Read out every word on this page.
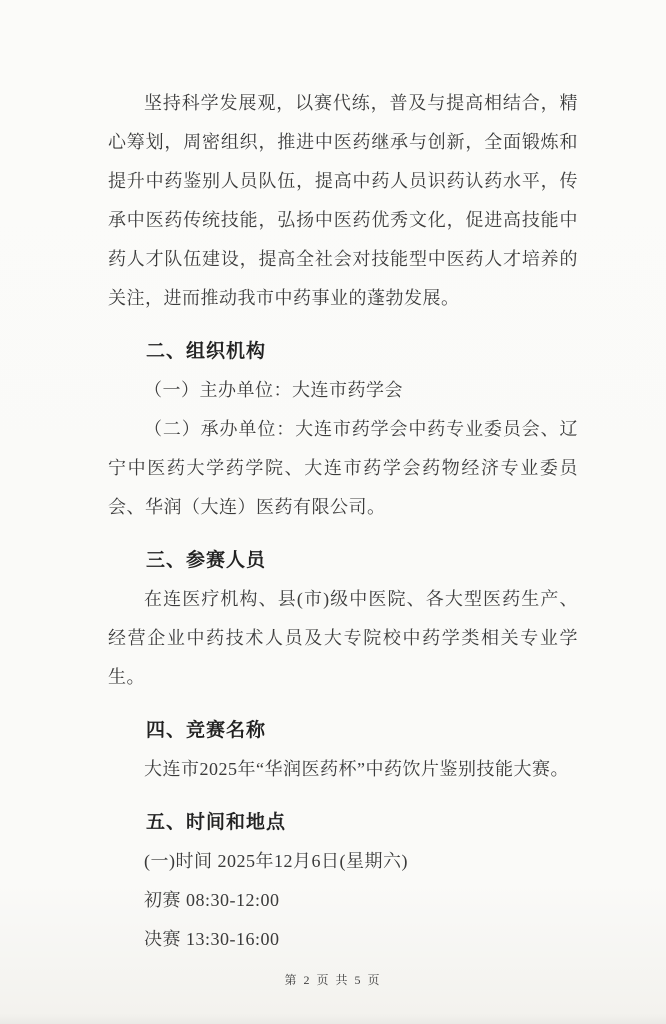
坚持科学发展观，以赛代练，普及与提高相结合，精心筹划，周密组织，推进中医药继承与创新，全面锻炼和提升中药鉴别人员队伍，提高中药人员识药认药水平，传承中医药传统技能，弘扬中医药优秀文化，促进高技能中药人才队伍建设，提高全社会对技能型中医药人才培养的关注，进而推动我市中药事业的蓬勃发展。

二、组织机构

（一）主办单位：大连市药学会

（二）承办单位：大连市药学会中药专业委员会、辽宁中医药大学药学院、大连市药学会药物经济专业委员会、华润（大连）医药有限公司。

三、参赛人员

在连医疗机构、县(市)级中医院、各大型医药生产、经营企业中药技术人员及大专院校中药学类相关专业学生。

四、竞赛名称

大连市2025年“华润医药杯”中药饮片鉴别技能大赛。

五、时间和地点

(一)时间 2025年12月6日(星期六)

初赛 08:30-12:00

决赛 13:30-16:00

第 2 页 共 5 页
